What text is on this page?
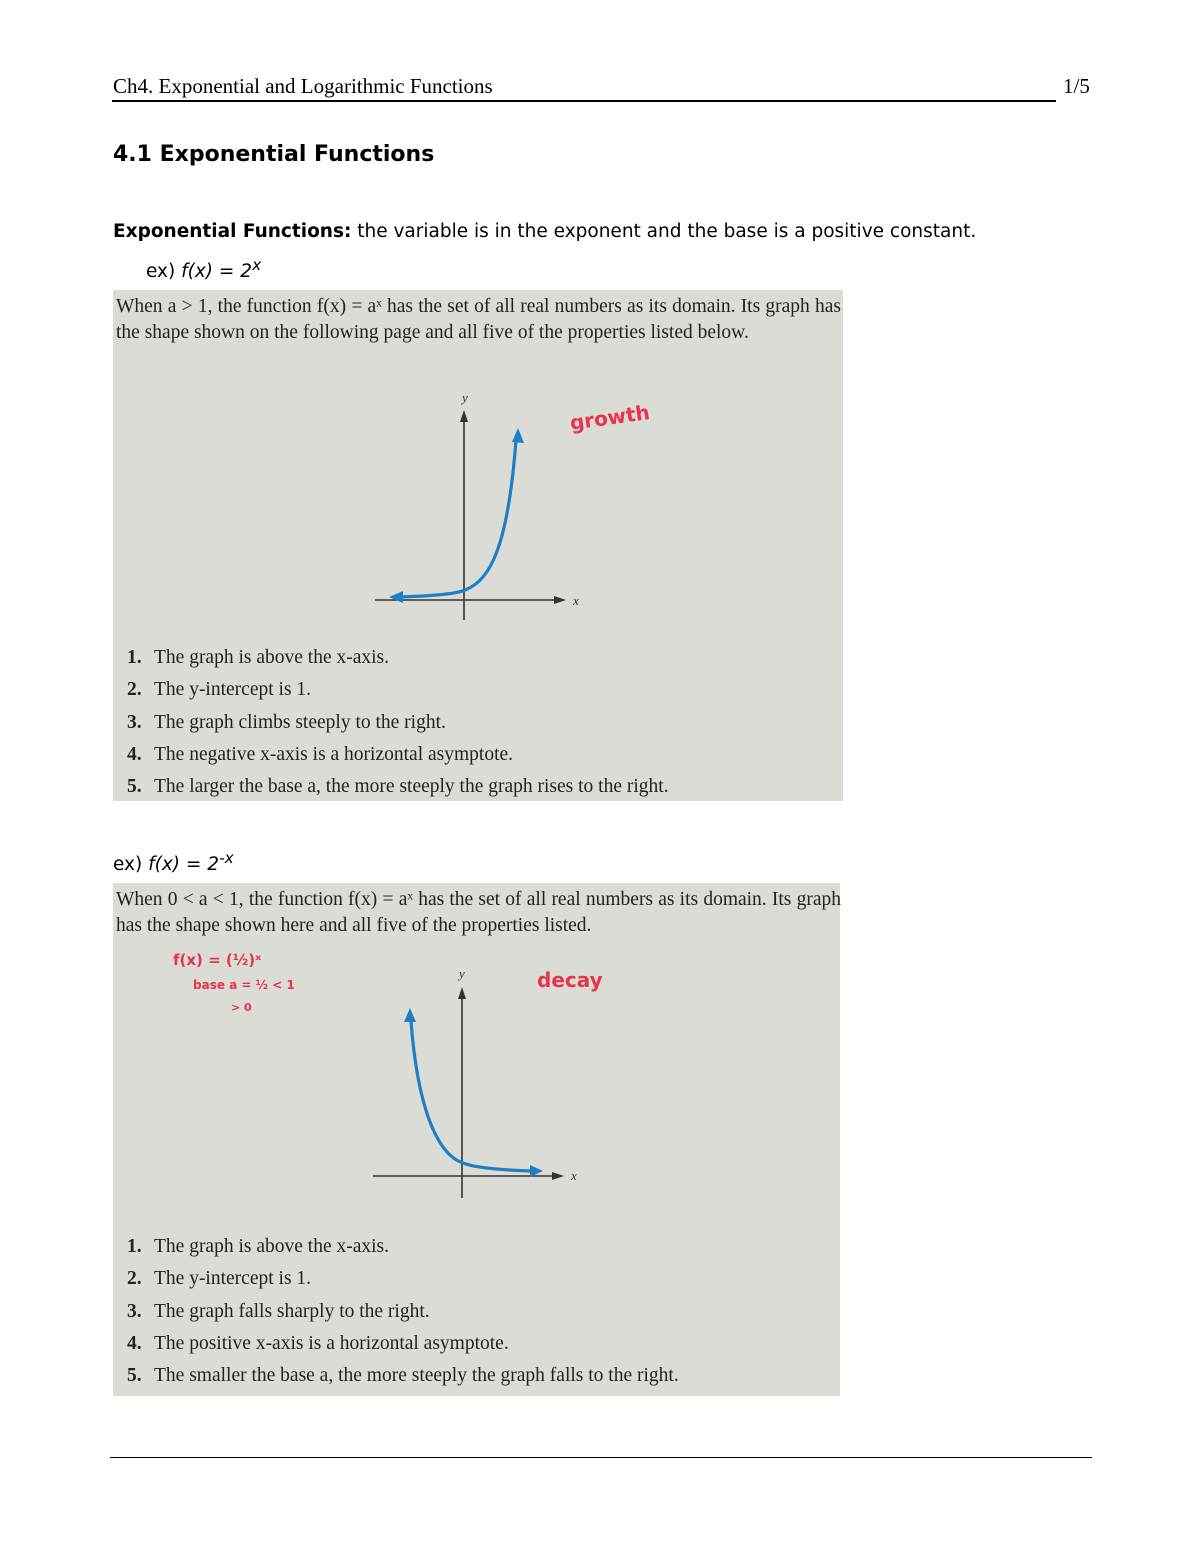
Ch4. Exponential and Logarithmic Functions	1/5
4.1 Exponential Functions
Exponential Functions: the variable is in the exponent and the base is a positive constant.
ex) $f(x) = 2^x$
When a > 1, the function f(x) = aˣ has the set of all real numbers as its domain. Its graph has the shape shown on the following page and all five of the properties listed below.
y
x
growth
1. The graph is above the x-axis.
2. The y-intercept is 1.
3. The graph climbs steeply to the right.
4. The negative x-axis is a horizontal asymptote.
5. The larger the base a, the more steeply the graph rises to the right.
ex) $f(x) = 2^{-x}$
When 0 < a < 1, the function f(x) = aˣ has the set of all real numbers as its domain. Its graph has the shape shown here and all five of the properties listed.
y
x
decay
f(x) = (½)ˣ
base a = ½ < 1
> 0
1. The graph is above the x-axis.
2. The y-intercept is 1.
3. The graph falls sharply to the right.
4. The positive x-axis is a horizontal asymptote.
5. The smaller the base a, the more steeply the graph falls to the right.
